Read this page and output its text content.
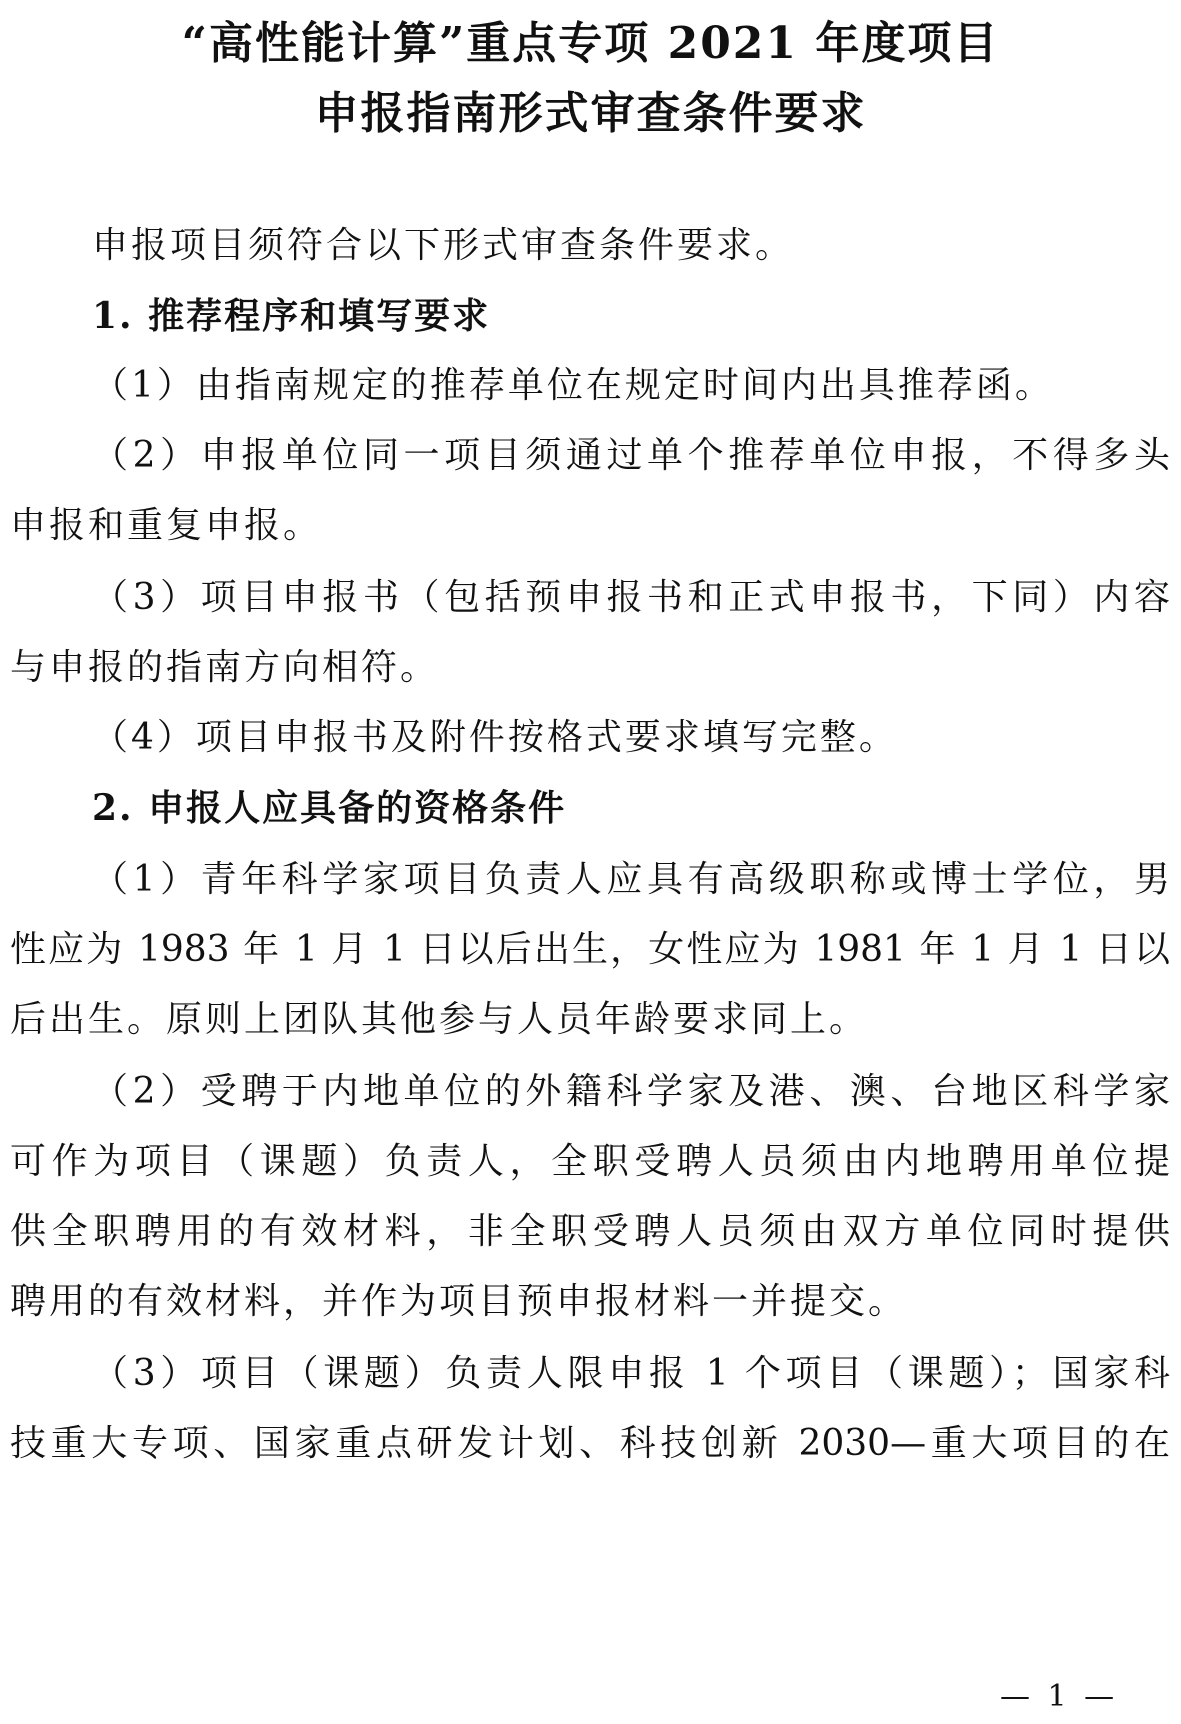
“高性能计算”重点专项 2021 年度项目
申报指南形式审查条件要求
申报项目须符合以下形式审查条件要求。
1. 推荐程序和填写要求
（1）由指南规定的推荐单位在规定时间内出具推荐函。
（2）申报单位同一项目须通过单个推荐单位申报，不得多头
申报和重复申报。
（3）项目申报书（包括预申报书和正式申报书，下同）内容
与申报的指南方向相符。
（4）项目申报书及附件按格式要求填写完整。
2. 申报人应具备的资格条件
（1）青年科学家项目负责人应具有高级职称或博士学位，男
性应为 1983 年 1 月 1 日以后出生，女性应为 1981 年 1 月 1 日以
后出生。原则上团队其他参与人员年龄要求同上。
（2）受聘于内地单位的外籍科学家及港、澳、台地区科学家
可作为项目（课题）负责人，全职受聘人员须由内地聘用单位提
供全职聘用的有效材料，非全职受聘人员须由双方单位同时提供
聘用的有效材料，并作为项目预申报材料一并提交。
（3）项目（课题）负责人限申报 1 个项目（课题）；国家科
技重大专项、国家重点研发计划、科技创新 2030—重大项目的在
— 1 —
